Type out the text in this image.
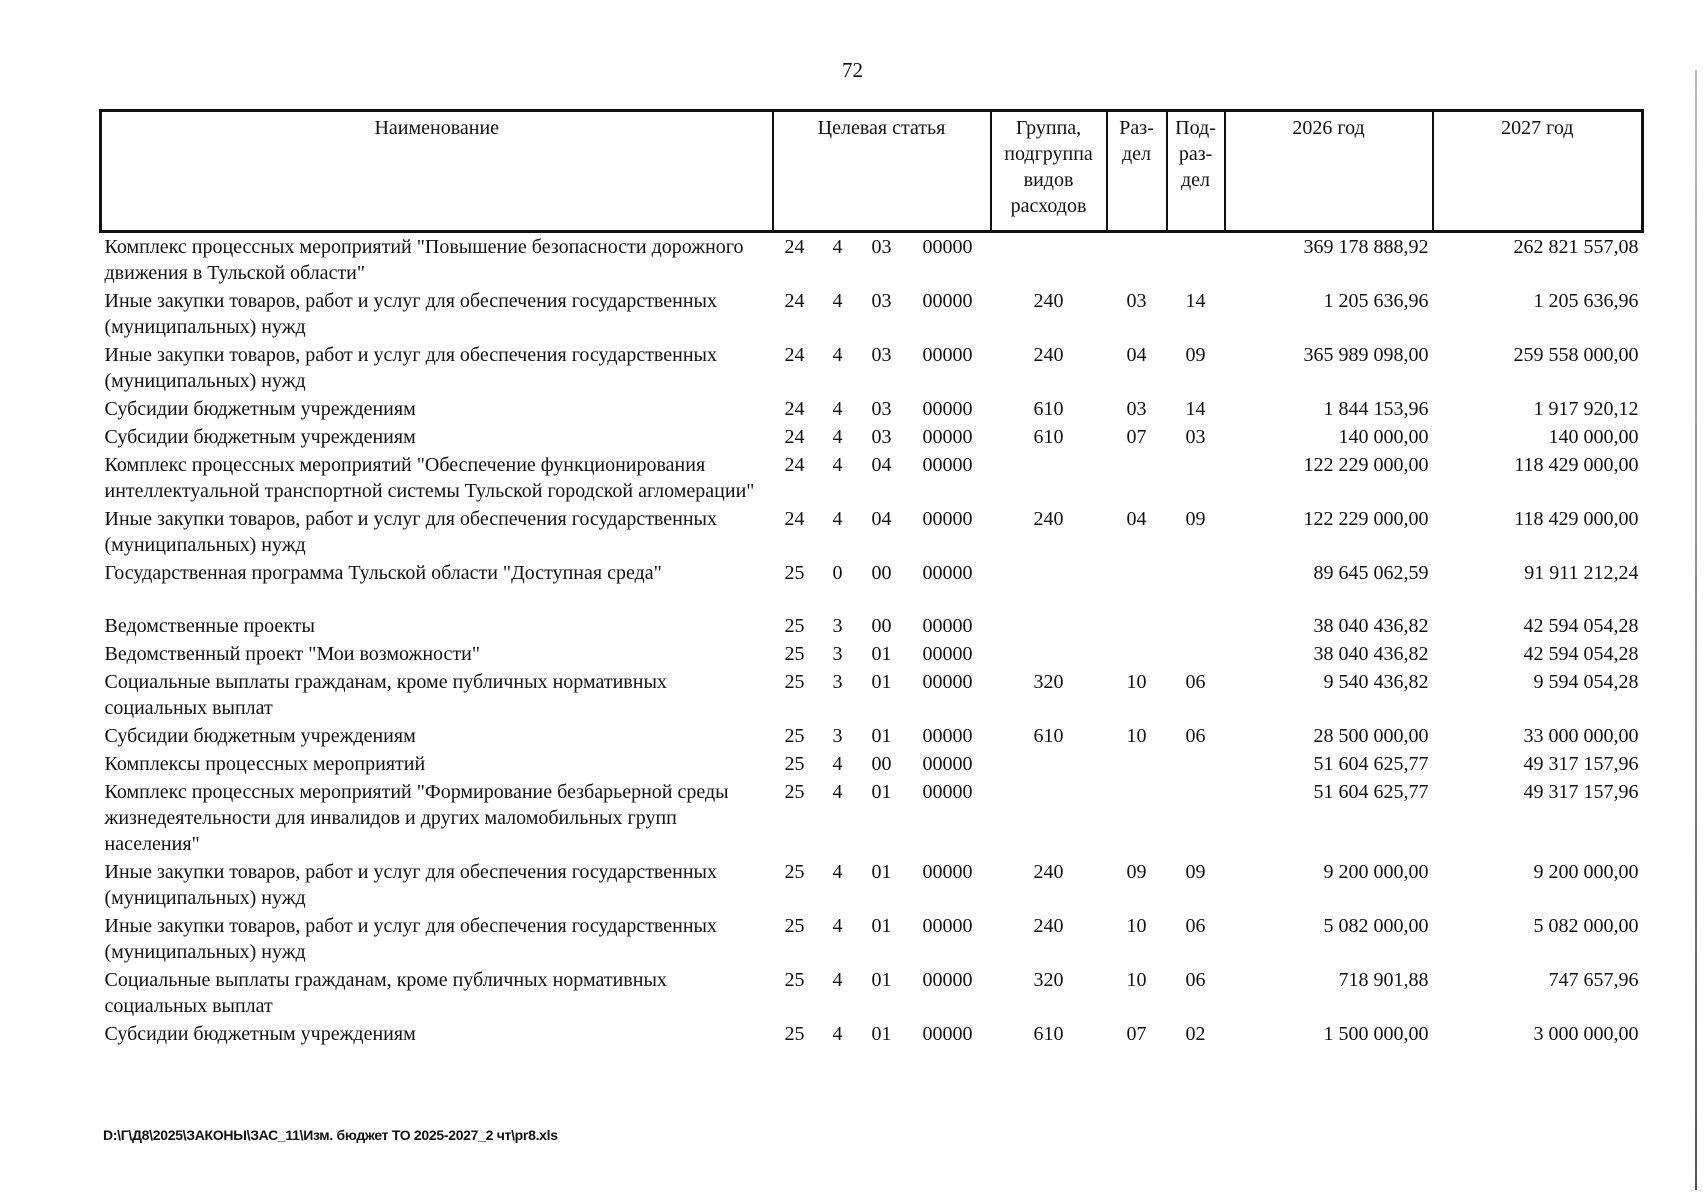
72
Наименование	Целевая статья				Группа, подгруппа видов расходов	Раз-дел	Под-раз-дел	2026 год	2027 год
Комплекс процессных мероприятий "Повышение безопасности дорожного движения в Тульской области"	24	4	03	00000				369 178 888,92	262 821 557,08
Иные закупки товаров, работ и услуг для обеспечения государственных (муниципальных) нужд	24	4	03	00000	240	03	14	1 205 636,96	1 205 636,96
Иные закупки товаров, работ и услуг для обеспечения государственных (муниципальных) нужд	24	4	03	00000	240	04	09	365 989 098,00	259 558 000,00
Субсидии бюджетным учреждениям	24	4	03	00000	610	03	14	1 844 153,96	1 917 920,12
Субсидии бюджетным учреждениям	24	4	03	00000	610	07	03	140 000,00	140 000,00
Комплекс процессных мероприятий "Обеспечение функционирования интеллектуальной транспортной системы Тульской городской агломерации"	24	4	04	00000				122 229 000,00	118 429 000,00
Иные закупки товаров, работ и услуг для обеспечения государственных (муниципальных) нужд	24	4	04	00000	240	04	09	122 229 000,00	118 429 000,00
Государственная программа Тульской области "Доступная среда"	25	0	00	00000				89 645 062,59	91 911 212,24
Ведомственные проекты	25	3	00	00000				38 040 436,82	42 594 054,28
Ведомственный проект "Мои возможности"	25	3	01	00000				38 040 436,82	42 594 054,28
Социальные выплаты гражданам, кроме публичных нормативных социальных выплат	25	3	01	00000	320	10	06	9 540 436,82	9 594 054,28
Субсидии бюджетным учреждениям	25	3	01	00000	610	10	06	28 500 000,00	33 000 000,00
Комплексы процессных мероприятий	25	4	00	00000				51 604 625,77	49 317 157,96
Комплекс процессных мероприятий "Формирование безбарьерной среды жизнедеятельности для инвалидов и других маломобильных групп населения"	25	4	01	00000				51 604 625,77	49 317 157,96
Иные закупки товаров, работ и услуг для обеспечения государственных (муниципальных) нужд	25	4	01	00000	240	09	09	9 200 000,00	9 200 000,00
Иные закупки товаров, работ и услуг для обеспечения государственных (муниципальных) нужд	25	4	01	00000	240	10	06	5 082 000,00	5 082 000,00
Социальные выплаты гражданам, кроме публичных нормативных социальных выплат	25	4	01	00000	320	10	06	718 901,88	747 657,96
Субсидии бюджетным учреждениям	25	4	01	00000	610	07	02	1 500 000,00	3 000 000,00
D:\Г\Д8\2025\ЗАКОНЫ\ЗАС_11\Изм. бюджет ТО 2025-2027_2 чт\pr8.xls
